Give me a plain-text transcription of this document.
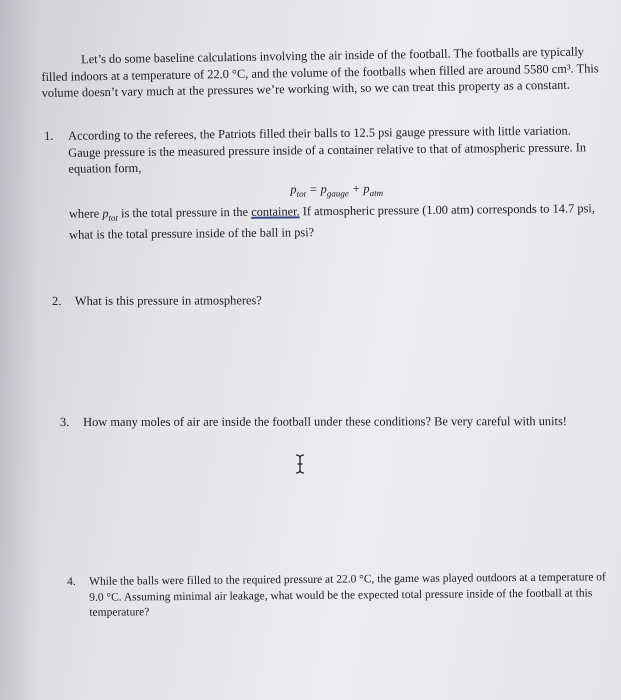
Let’s do some baseline calculations involving the air inside of the football. The footballs are typically filled indoors at a temperature of 22.0 °C, and the volume of the footballs when filled are around 5580 cm³. This volume doesn’t vary much at the pressures we’re working with, so we can treat this property as a constant.

1. According to the referees, the Patriots filled their balls to 12.5 psi gauge pressure with little variation. Gauge pressure is the measured pressure inside of a container relative to that of atmospheric pressure. In equation form,
$p_{tot} = p_{gauge} + p_{atm}$
where $p_{tot}$ is the total pressure in the container. If atmospheric pressure (1.00 atm) corresponds to 14.7 psi, what is the total pressure inside of the ball in psi?
2. What is this pressure in atmospheres?
3. How many moles of air are inside the football under these conditions? Be very careful with units!
4. While the balls were filled to the required pressure at 22.0 °C, the game was played outdoors at a temperature of 9.0 °C. Assuming minimal air leakage, what would be the expected total pressure inside of the football at this temperature?
